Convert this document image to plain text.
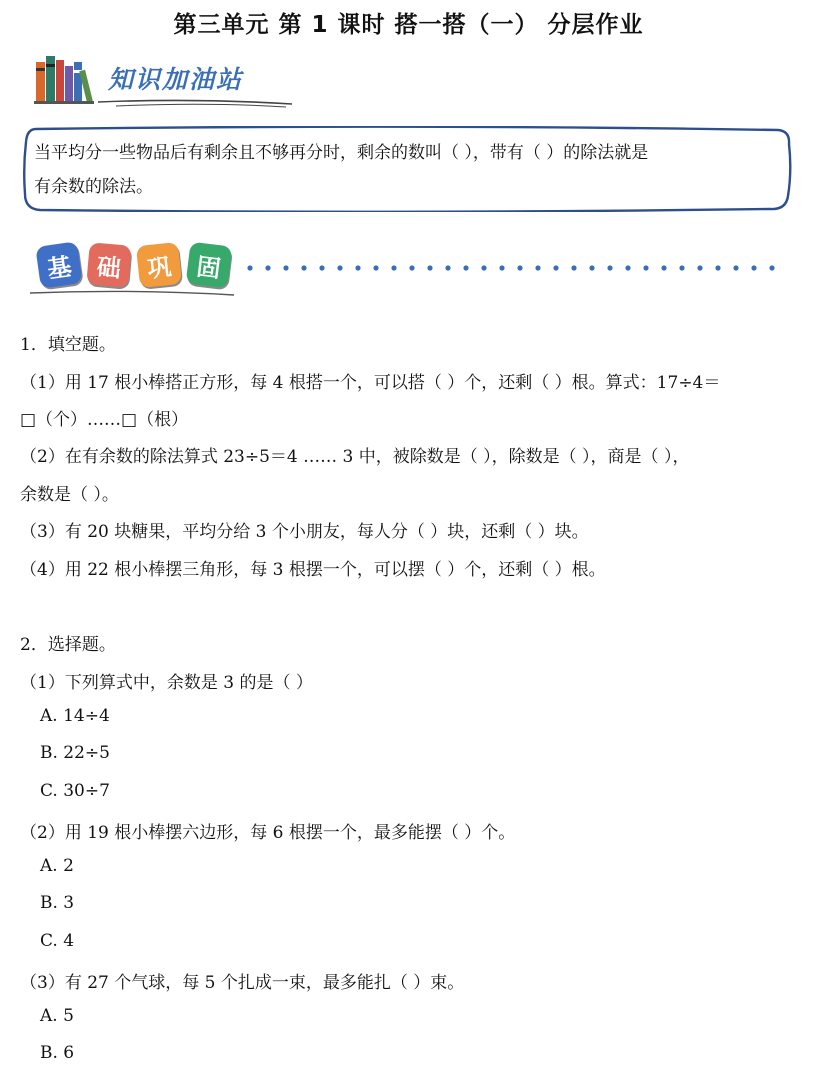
第三单元 第 1 课时 搭一搭（一） 分层作业
知识加油站
当平均分一些物品后有剩余且不够再分时，剩余的数叫（ ），带有（ ）的除法就是
有余数的除法。
基 础 巩 固
1．填空题。
（1）用 17 根小棒搭正方形，每 4 根搭一个，可以搭（ ）个，还剩（ ）根。算式：17÷4＝
□（个）……□（根）
（2）在有余数的除法算式 23÷5＝4 …… 3 中，被除数是（ ），除数是（ ），商是（ ），
余数是（ ）。
（3）有 20 块糖果，平均分给 3 个小朋友，每人分（ ）块，还剩（ ）块。
（4）用 22 根小棒摆三角形，每 3 根摆一个，可以摆（ ）个，还剩（ ）根。
2．选择题。
（1）下列算式中，余数是 3 的是（ ）
A. 14÷4
B. 22÷5
C. 30÷7
（2）用 19 根小棒摆六边形，每 6 根摆一个，最多能摆（ ）个。
A. 2
B. 3
C. 4
（3）有 27 个气球，每 5 个扎成一束，最多能扎（ ）束。
A. 5
B. 6
